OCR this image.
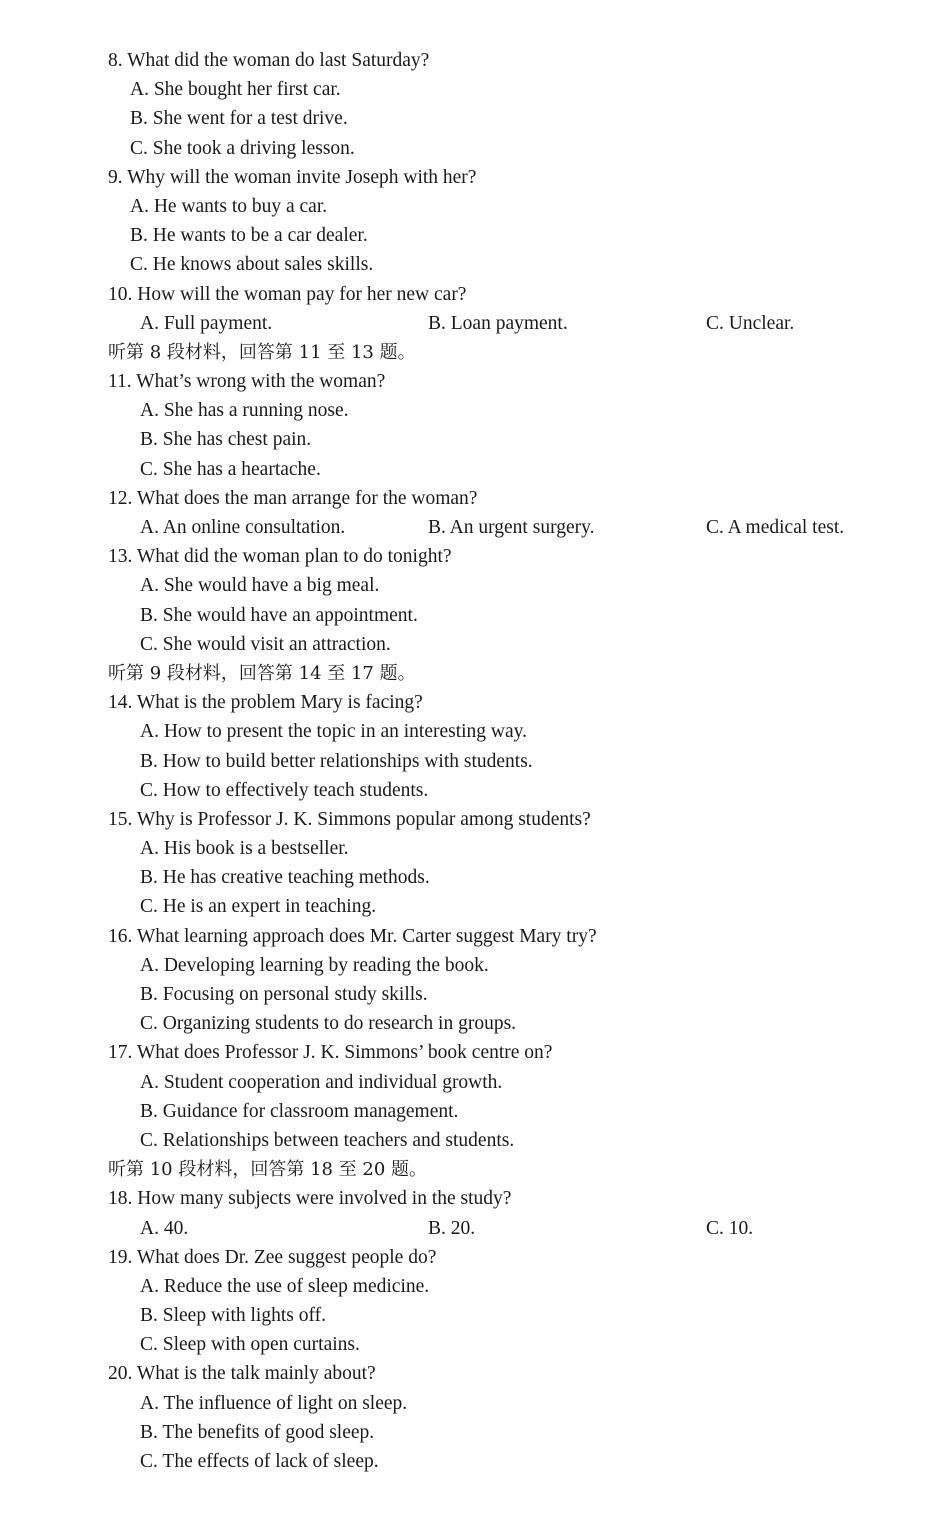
8. What did the woman do last Saturday?
A. She bought her first car.
B. She went for a test drive.
C. She took a driving lesson.
9. Why will the woman invite Joseph with her?
A. He wants to buy a car.
B. He wants to be a car dealer.
C. He knows about sales skills.
10. How will the woman pay for her new car?
A. Full payment.	B. Loan payment.	C. Unclear.
听第 8 段材料，回答第 11 至 13 题。
11. What’s wrong with the woman?
A. She has a running nose.
B. She has chest pain.
C. She has a heartache.
12. What does the man arrange for the woman?
A. An online consultation.	B. An urgent surgery.	C. A medical test.
13. What did the woman plan to do tonight?
A. She would have a big meal.
B. She would have an appointment.
C. She would visit an attraction.
听第 9 段材料，回答第 14 至 17 题。
14. What is the problem Mary is facing?
A. How to present the topic in an interesting way.
B. How to build better relationships with students.
C. How to effectively teach students.
15. Why is Professor J. K. Simmons popular among students?
A. His book is a bestseller.
B. He has creative teaching methods.
C. He is an expert in teaching.
16. What learning approach does Mr. Carter suggest Mary try?
A. Developing learning by reading the book.
B. Focusing on personal study skills.
C. Organizing students to do research in groups.
17. What does Professor J. K. Simmons’ book centre on?
A. Student cooperation and individual growth.
B. Guidance for classroom management.
C. Relationships between teachers and students.
听第 10 段材料，回答第 18 至 20 题。
18. How many subjects were involved in the study?
A. 40.	B. 20.	C. 10.
19. What does Dr. Zee suggest people do?
A. Reduce the use of sleep medicine.
B. Sleep with lights off.
C. Sleep with open curtains.
20. What is the talk mainly about?
A. The influence of light on sleep.
B. The benefits of good sleep.
C. The effects of lack of sleep.
